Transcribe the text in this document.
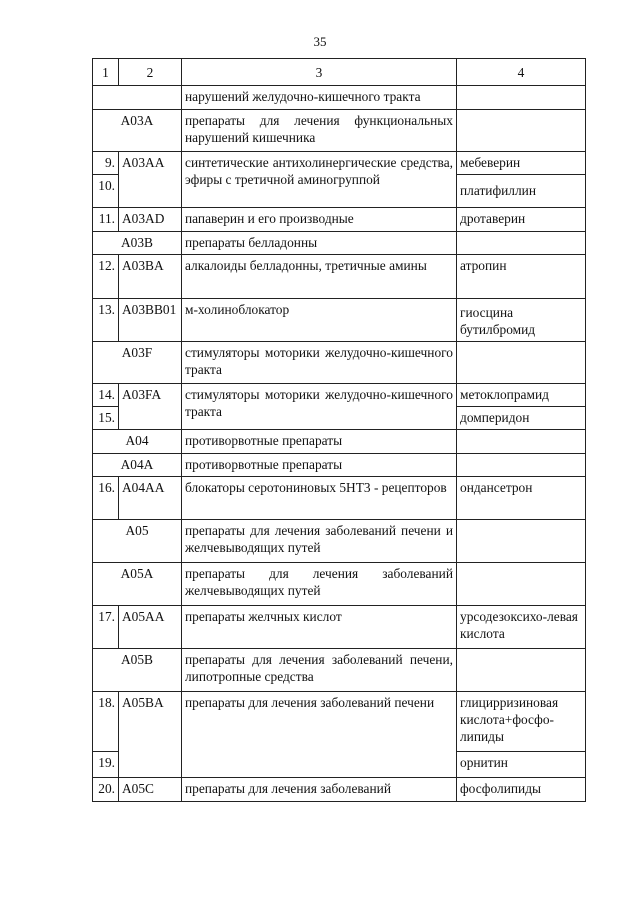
35
1	2	3	4
		нарушений желудочно-кишечного тракта	
A03A		препараты для лечения функциональных нарушений кишечника	
9.	A03AA	синтетические антихолинергические средства, эфиры с третичной аминогруппой	мебеверин
10.			платифиллин
11.	A03AD	папаверин и его производные	дротаверин
A03B		препараты белладонны	
12.	A03BA	алкалоиды белладонны, третичные амины	атропин
13.	A03BB01	м-холиноблокатор	гиосцина бутилбромид
A03F		стимуляторы моторики желудочно-кишечного тракта	
14.	A03FA	стимуляторы моторики желудочно-кишечного тракта	метоклопрамид
15.			домперидон
A04		противорвотные препараты	
A04A		противорвотные препараты	
16.	A04AA	блокаторы серотониновых 5НТ3 - рецепторов	ондансетрон
A05		препараты для лечения заболеваний печени и желчевыводящих путей	
A05A		препараты для лечения заболеваний желчевыводящих путей	
17.	A05AA	препараты желчных кислот	урсодезоксихо-левая кислота
A05B		препараты для лечения заболеваний печени, липотропные средства	
18.	A05BA	препараты для лечения заболеваний печени	глицирризиновая кислота+фосфо-липиды
19.			орнитин
20.	A05C	препараты для лечения заболеваний	фосфолипиды
